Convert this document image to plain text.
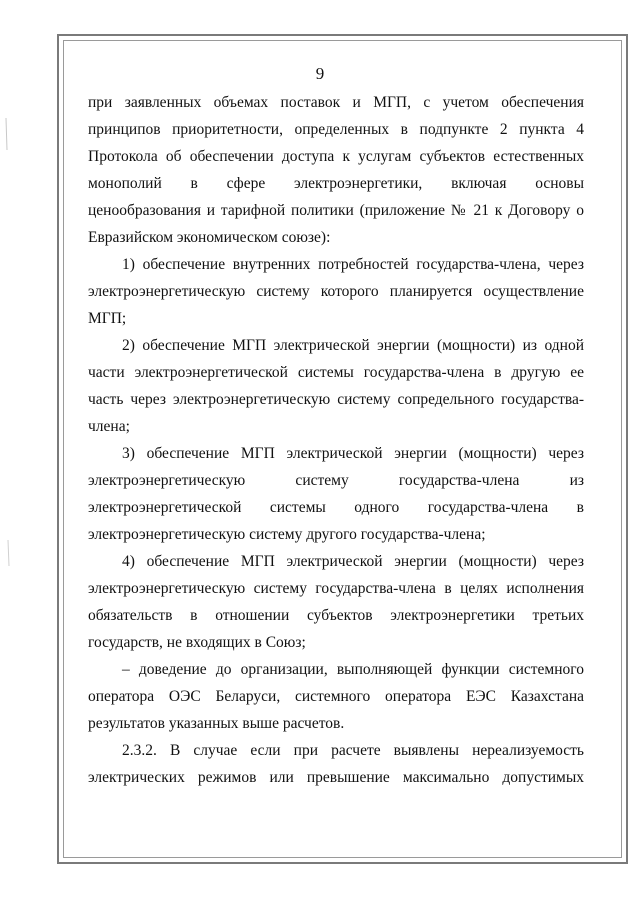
9
при заявленных объемах поставок и МГП, с учетом обеспечения
принципов приоритетности, определенных в подпункте 2 пункта 4
Протокола об обеспечении доступа к услугам субъектов естественных
монополий в сфере электроэнергетики, включая основы
ценообразования и тарифной политики (приложение № 21 к Договору о
Евразийском экономическом союзе):
1) обеспечение внутренних потребностей государства-члена, через
электроэнергетическую систему которого планируется осуществление
МГП;
2) обеспечение МГП электрической энергии (мощности) из одной
части электроэнергетической системы государства-члена в другую ее
часть через электроэнергетическую систему сопредельного государства-
члена;
3) обеспечение МГП электрической энергии (мощности) через
электроэнергетическую систему государства-члена из
электроэнергетической системы одного государства-члена в
электроэнергетическую систему другого государства-члена;
4) обеспечение МГП электрической энергии (мощности) через
электроэнергетическую систему государства-члена в целях исполнения
обязательств в отношении субъектов электроэнергетики третьих
государств, не входящих в Союз;
– доведение до организации, выполняющей функции системного
оператора ОЭС Беларуси, системного оператора ЕЭС Казахстана
результатов указанных выше расчетов.
2.3.2. В случае если при расчете выявлены нереализуемость
электрических режимов или превышение максимально допустимых
